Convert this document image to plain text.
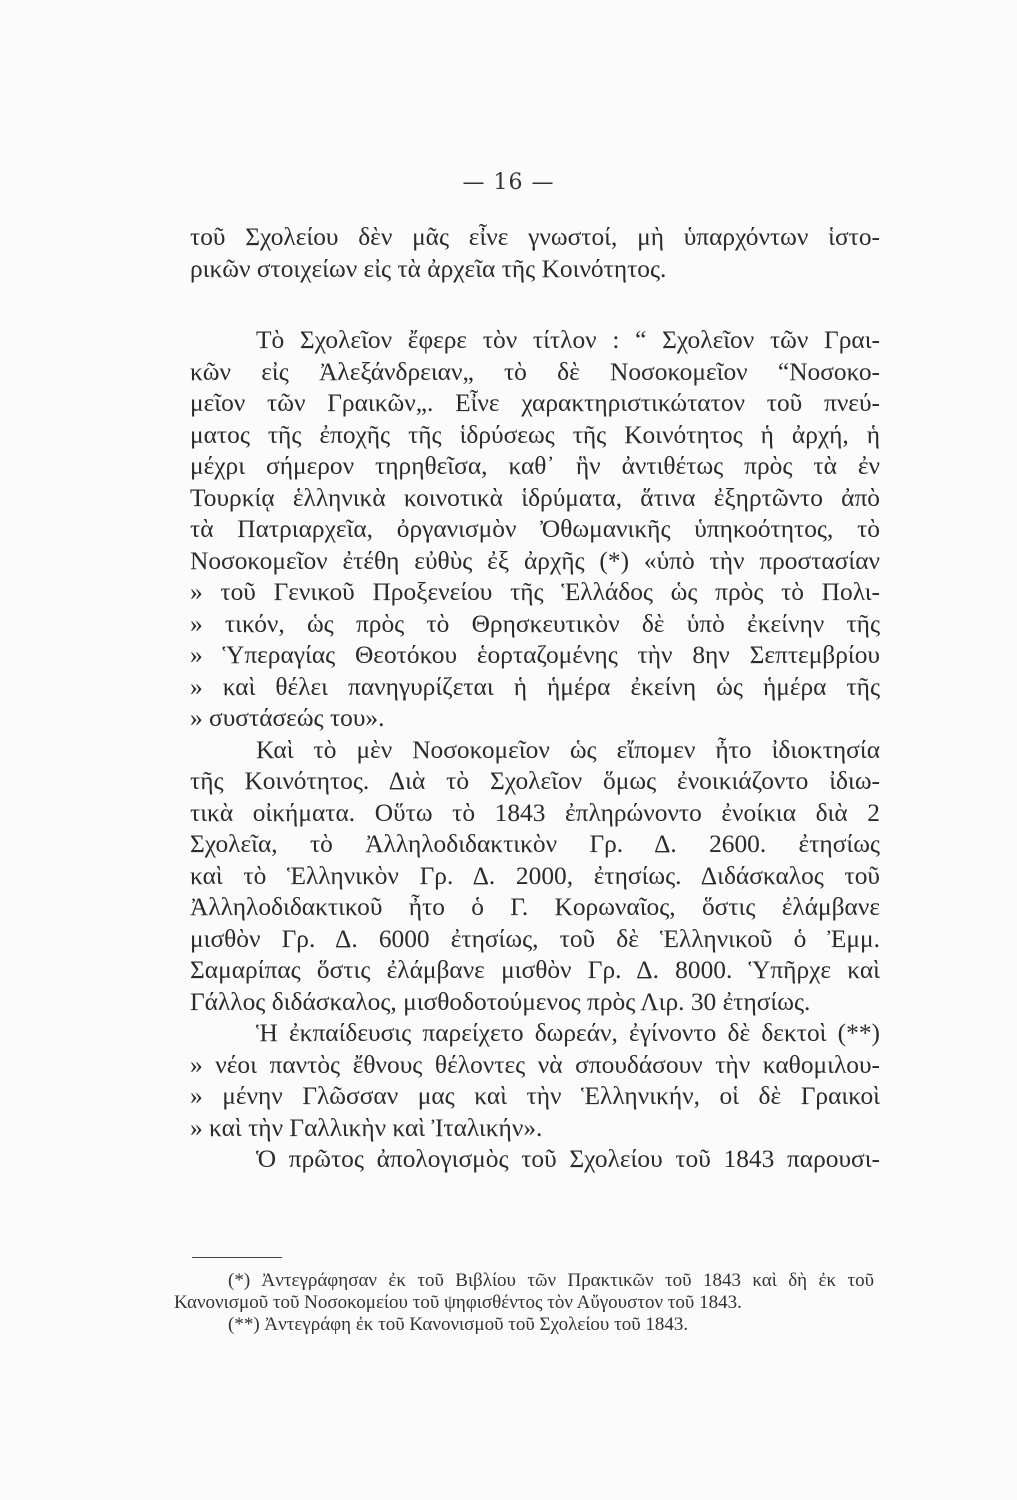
— 16 —
τοῦ Σχολείου δὲν μᾶς εἶνε γνωστοί, μὴ ὑπαρχόντων ἱστο-
ρικῶν στοιχείων εἰς τὰ ἀρχεῖα τῆς Κοινότητος.
Τὸ Σχολεῖον ἔφερε τὸν τίτλον : “ Σχολεῖον τῶν Γραι-
κῶν εἰς Ἀλεξάνδρειαν„ τὸ δὲ Νοσοκομεῖον “Νοσοκο-
μεῖον τῶν Γραικῶν„. Εἶνε χαρακτηριστικώτατον τοῦ πνεύ-
ματος τῆς ἐποχῆς τῆς ἱδρύσεως τῆς Κοινότητος ἡ ἀρχή, ἡ
μέχρι σήμερον τηρηθεῖσα, καθ᾽ ἣν ἀντιθέτως πρὸς τὰ ἐν
Τουρκίᾳ ἑλληνικὰ κοινοτικὰ ἱδρύματα, ἅτινα ἐξηρτῶντο ἀπὸ
τὰ Πατριαρχεῖα, ὀργανισμὸν Ὀθωμανικῆς ὑπηκοότητος, τὸ
Νοσοκομεῖον ἐτέθη εὐθὺς ἐξ ἀρχῆς (*) «ὑπὸ τὴν προστασίαν
» τοῦ Γενικοῦ Προξενείου τῆς Ἑλλάδος ὡς πρὸς τὸ Πολι-
» τικόν, ὡς πρὸς τὸ Θρησκευτικὸν δὲ ὑπὸ ἐκείνην τῆς
» Ὑπεραγίας Θεοτόκου ἑορταζομένης τὴν 8ην Σεπτεμβρίου
» καὶ θέλει πανηγυρίζεται ἡ ἡμέρα ἐκείνη ὡς ἡμέρα τῆς
» συστάσεώς του».
Καὶ τὸ μὲν Νοσοκομεῖον ὡς εἴπομεν ἦτο ἰδιοκτησία
τῆς Κοινότητος. Διὰ τὸ Σχολεῖον ὅμως ἐνοικιάζοντο ἰδιω-
τικὰ οἰκήματα. Οὕτω τὸ 1843 ἐπληρώνοντο ἐνοίκια διὰ 2
Σχολεῖα, τὸ Ἀλληλοδιδακτικὸν Γρ. Δ. 2600. ἐτησίως
καὶ τὸ Ἑλληνικὸν Γρ. Δ. 2000, ἐτησίως. Διδάσκαλος τοῦ
Ἀλληλοδιδακτικοῦ ἦτο ὁ Γ. Κορωναῖος, ὅστις ἐλάμβανε
μισθὸν Γρ. Δ. 6000 ἐτησίως, τοῦ δὲ Ἑλληνικοῦ ὁ Ἐμμ.
Σαμαρίπας ὅστις ἐλάμβανε μισθὸν Γρ. Δ. 8000. Ὑπῆρχε καὶ
Γάλλος διδάσκαλος, μισθοδοτούμενος πρὸς Λιρ. 30 ἐτησίως.
Ἡ ἐκπαίδευσις παρείχετο δωρεάν, ἐγίνοντο δὲ δεκτοὶ (**)
» νέοι παντὸς ἔθνους θέλοντες νὰ σπουδάσουν τὴν καθομιλου-
» μένην Γλῶσσαν μας καὶ τὴν Ἑλληνικήν, οἱ δὲ Γραικοὶ
» καὶ τὴν Γαλλικὴν καὶ Ἰταλικήν».
Ὁ πρῶτος ἀπολογισμὸς τοῦ Σχολείου τοῦ 1843 παρουσι-
(*) Ἀντεγράφησαν ἐκ τοῦ Βιβλίου τῶν Πρακτικῶν τοῦ 1843 καὶ δὴ ἐκ τοῦ
Κανονισμοῦ τοῦ Νοσοκομείου τοῦ ψηφισθέντος τὸν Αὔγουστον τοῦ 1843.
(**) Ἀντεγράφη ἐκ τοῦ Κανονισμοῦ τοῦ Σχολείου τοῦ 1843.
